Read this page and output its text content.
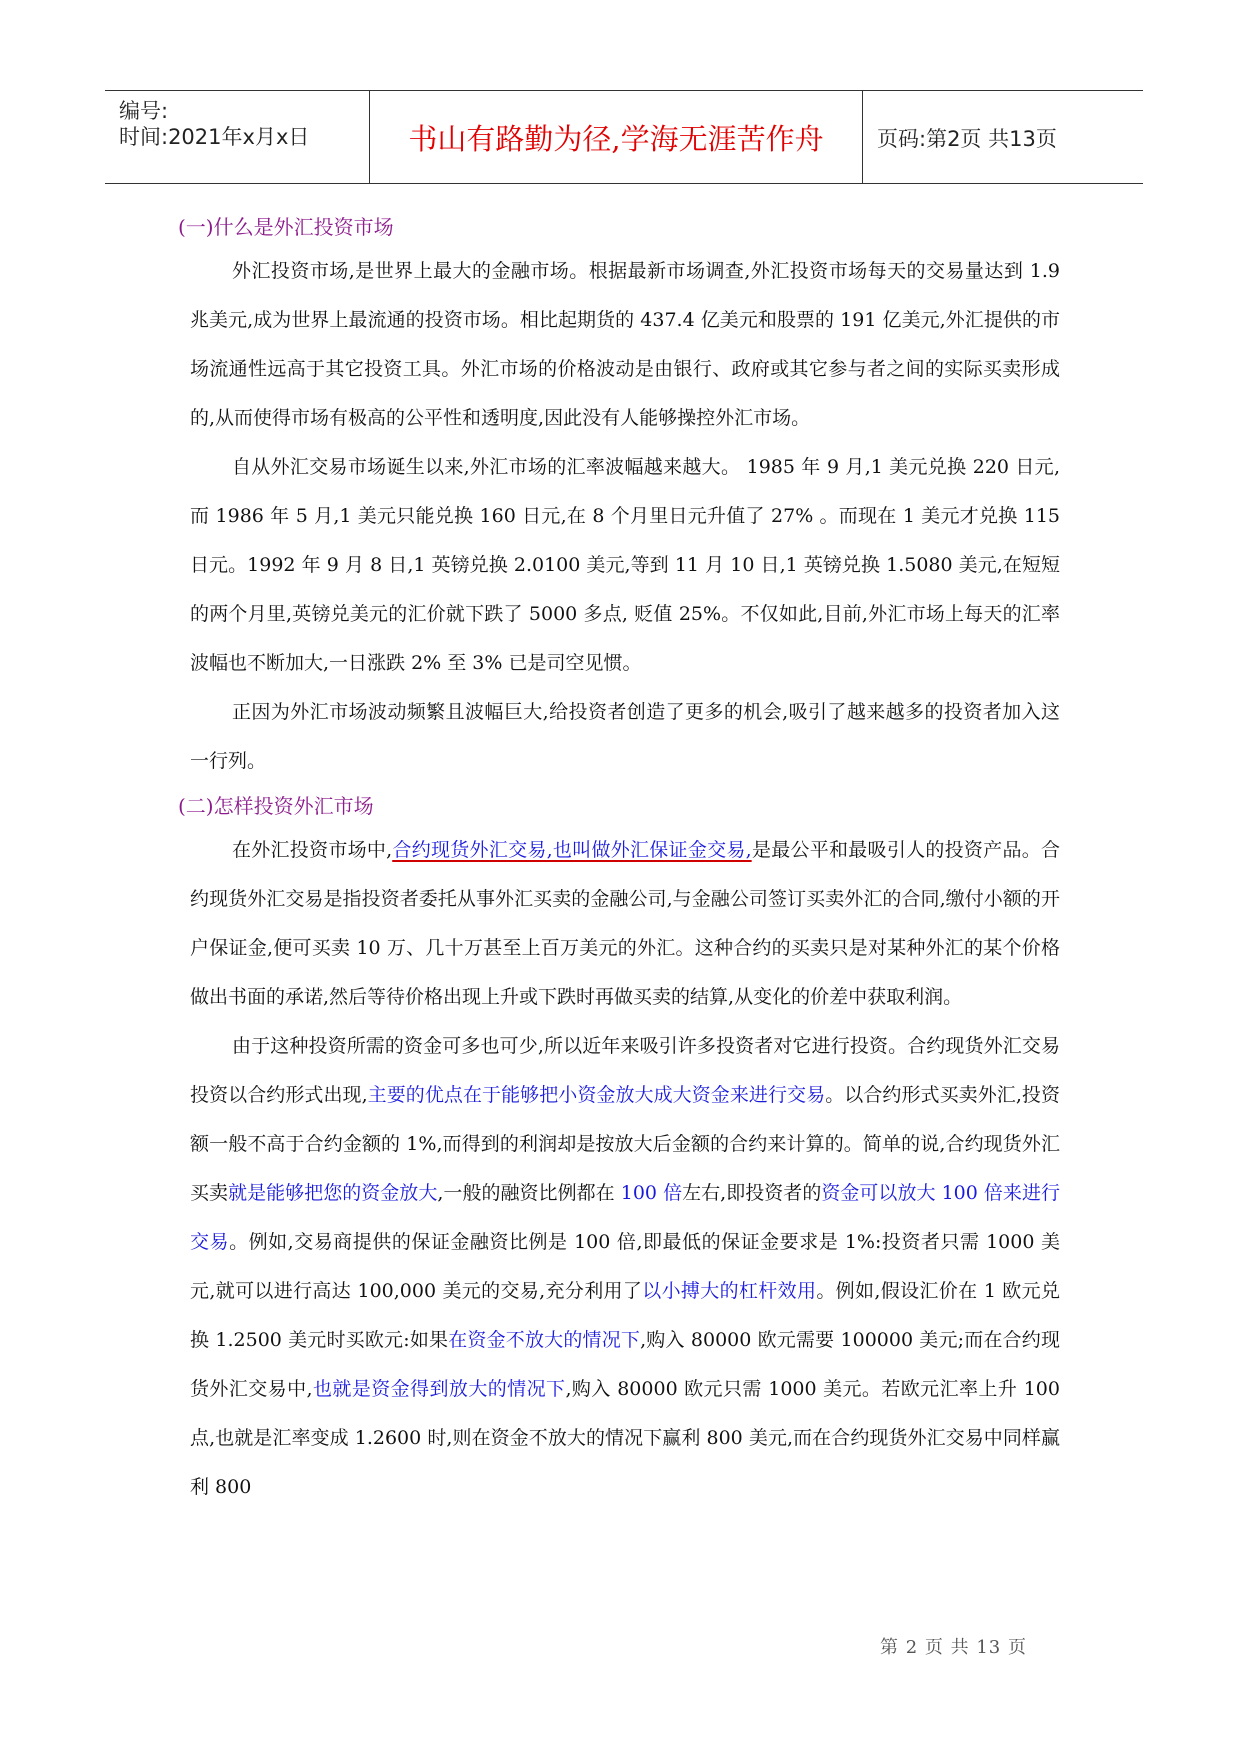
编号:
时间:2021年x月x日	书山有路勤为径,学海无涯苦作舟	页码:第2页 共13页
(一)什么是外汇投资市场

外汇投资市场,是世界上最大的金融市场。根据最新市场调查,外汇投资市场每天的交易量达到 1.9 兆美元,成为世界上最流通的投资市场。相比起期货的 437.4 亿美元和股票的 191 亿美元,外汇提供的市场流通性远高于其它投资工具。外汇市场的价格波动是由银行、政府或其它参与者之间的实际买卖形成的,从而使得市场有极高的公平性和透明度,因此没有人能够操控外汇市场。

自从外汇交易市场诞生以来,外汇市场的汇率波幅越来越大。 1985 年 9 月,1 美元兑换 220 日元,而 1986 年 5 月,1 美元只能兑换 160 日元,在 8 个月里日元升值了 27% 。而现在 1 美元才兑换 115 日元。1992 年 9 月 8 日,1 英镑兑换 2.0100 美元,等到 11 月 10 日,1 英镑兑换 1.5080 美元,在短短的两个月里,英镑兑美元的汇价就下跌了 5000 多点, 贬值 25%。不仅如此,目前,外汇市场上每天的汇率波幅也不断加大,一日涨跌 2% 至 3% 已是司空见惯。

正因为外汇市场波动频繁且波幅巨大,给投资者创造了更多的机会,吸引了越来越多的投资者加入这一行列。

(二)怎样投资外汇市场

在外汇投资市场中,合约现货外汇交易,也叫做外汇保证金交易,是最公平和最吸引人的投资产品。合约现货外汇交易是指投资者委托从事外汇买卖的金融公司,与金融公司签订买卖外汇的合同,缴付小额的开户保证金,便可买卖 10 万、几十万甚至上百万美元的外汇。这种合约的买卖只是对某种外汇的某个价格做出书面的承诺,然后等待价格出现上升或下跌时再做买卖的结算,从变化的价差中获取利润。

由于这种投资所需的资金可多也可少,所以近年来吸引许多投资者对它进行投资。合约现货外汇交易投资以合约形式出现,主要的优点在于能够把小资金放大成大资金来进行交易。以合约形式买卖外汇,投资额一般不高于合约金额的 1%,而得到的利润却是按放大后金额的合约来计算的。简单的说,合约现货外汇买卖就是能够把您的资金放大,一般的融资比例都在 100 倍左右,即投资者的资金可以放大 100 倍来进行交易。例如,交易商提供的保证金融资比例是 100 倍,即最低的保证金要求是 1%:投资者只需 1000 美元,就可以进行高达 100,000 美元的交易,充分利用了以小搏大的杠杆效用。例如,假设汇价在 1 欧元兑换 1.2500 美元时买欧元:如果在资金不放大的情况下,购入 80000 欧元需要 100000 美元;而在合约现货外汇交易中,也就是资金得到放大的情况下,购入 80000 欧元只需 1000 美元。若欧元汇率上升 100 点,也就是汇率变成 1.2600 时,则在资金不放大的情况下赢利 800 美元,而在合约现货外汇交易中同样赢利 800

第 2 页 共 13 页
